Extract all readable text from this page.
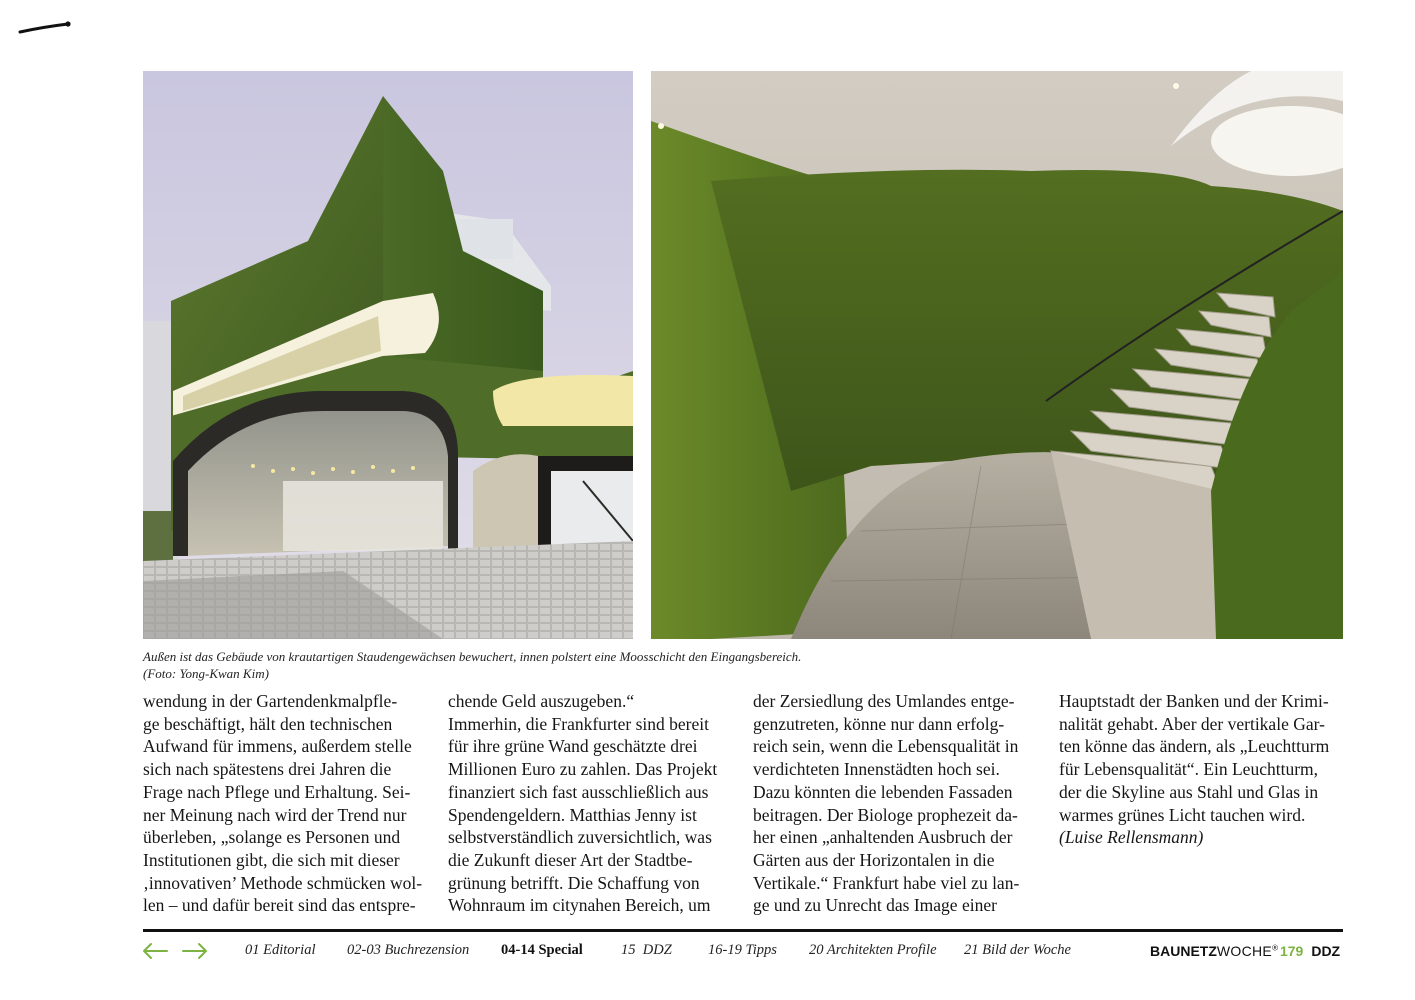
Außen ist das Gebäude von krautartigen Staudengewächsen bewuchert, innen polstert eine Moosschicht den Eingangsbereich.
(Foto: Yong-Kwan Kim)
wendung in der Gartendenkmalpfle-
ge beschäftigt, hält den technischen
Aufwand für immens, außerdem stelle
sich nach spätestens drei Jahren die
Frage nach Pflege und Erhaltung. Sei-
ner Meinung nach wird der Trend nur
überleben, „solange es Personen und
Institutionen gibt, die sich mit dieser
‚innovativen’ Methode schmücken wol-
len – und dafür bereit sind das entspre-
chende Geld auszugeben.“
Immerhin, die Frankfurter sind bereit
für ihre grüne Wand geschätzte drei
Millionen Euro zu zahlen. Das Projekt
finanziert sich fast ausschließlich aus
Spendengeldern. Matthias Jenny ist
selbstverständlich zuversichtlich, was
die Zukunft dieser Art der Stadtbe-
grünung betrifft. Die Schaffung von
Wohnraum im citynahen Bereich, um
der Zersiedlung des Umlandes entge-
genzutreten, könne nur dann erfolg-
reich sein, wenn die Lebensqualität in
verdichteten Innenstädten hoch sei.
Dazu könnten die lebenden Fassaden
beitragen. Der Biologe prophezeit da-
her einen „anhaltenden Ausbruch der
Gärten aus der Horizontalen in die
Vertikale.“ Frankfurt habe viel zu lan-
ge und zu Unrecht das Image einer
Hauptstadt der Banken und der Krimi-
nalität gehabt. Aber der vertikale Gar-
ten könne das ändern, als „Leuchtturm
für Lebensqualität“. Ein Leuchtturm,
der die Skyline aus Stahl und Glas in
warmes grünes Licht tauchen wird.
(Luise Rellensmann)
01 Editorial 02-03 Buchrezension 04-14 Special	15  DDZ 16-19 Tipps 20 Architekten Profile 21 Bild der Woche	BAUNETZWOCHE® 179 DDZ
